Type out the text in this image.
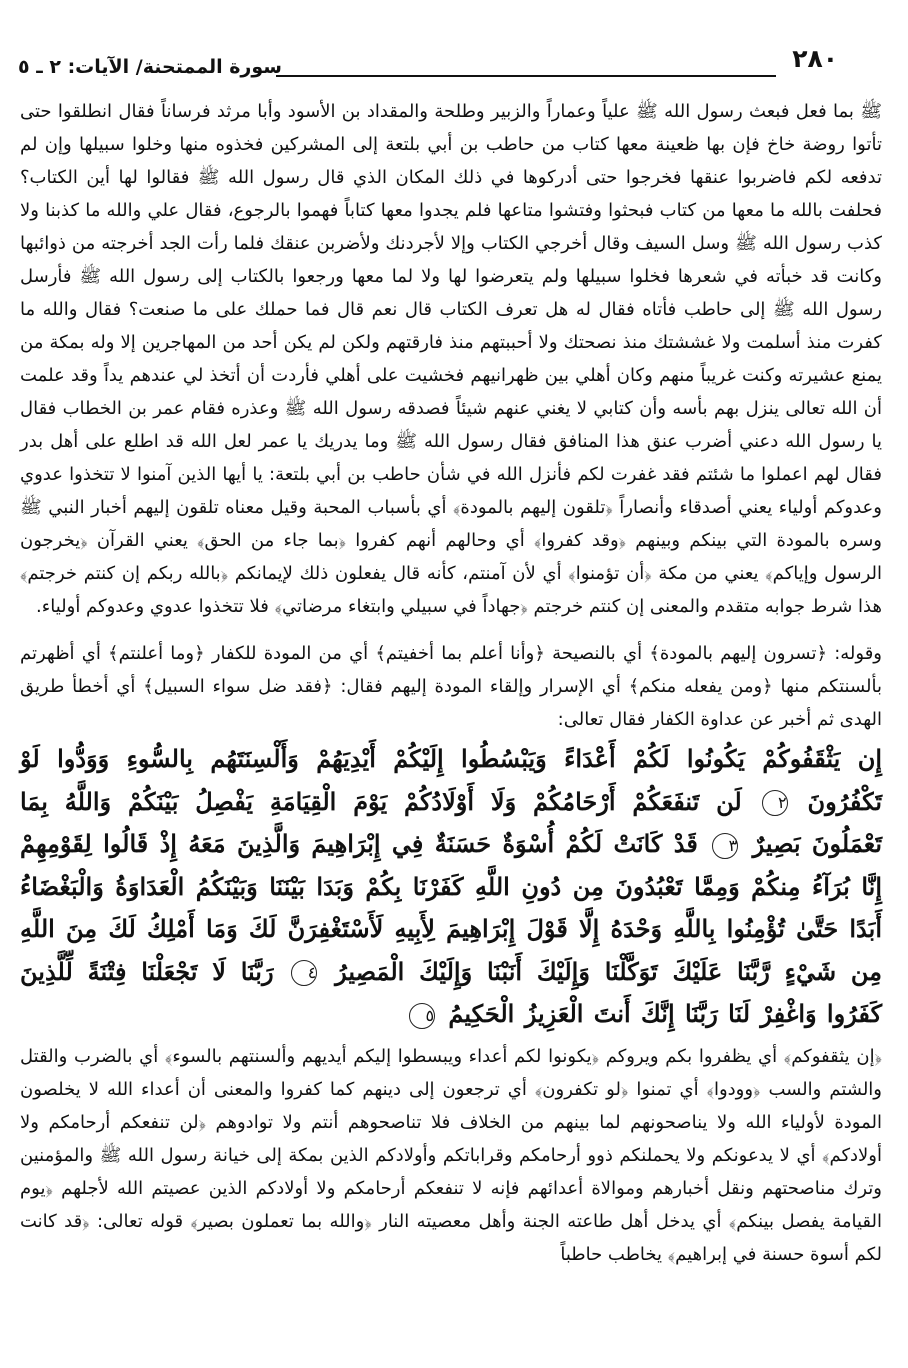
٢٨٠
سورة الممتحنة/ الآيات: ٢ ـ ٥

ﷺ بما فعل فبعث رسول الله ﷺ علياً وعماراً والزبير وطلحة والمقداد بن الأسود وأبا مرثد فرساناً فقال انطلقوا حتى تأتوا روضة خاخ فإن بها ظعينة معها كتاب من حاطب بن أبي بلتعة إلى المشركين فخذوه منها وخلوا سبيلها وإن لم تدفعه لكم فاضربوا عنقها فخرجوا حتى أدركوها في ذلك المكان الذي قال رسول الله ﷺ فقالوا لها أين الكتاب؟ فحلفت بالله ما معها من كتاب فبحثوا وفتشوا متاعها فلم يجدوا معها كتاباً فهموا بالرجوع، فقال علي والله ما كذبنا ولا كذب رسول الله ﷺ وسل السيف وقال أخرجي الكتاب وإلا لأجردنك ولأضربن عنقك فلما رأت الجد أخرجته من ذوائبها وكانت قد خبأته في شعرها فخلوا سبيلها ولم يتعرضوا لها ولا لما معها ورجعوا بالكتاب إلى رسول الله ﷺ فأرسل رسول الله ﷺ إلى حاطب فأتاه فقال له هل تعرف الكتاب قال نعم قال فما حملك على ما صنعت؟ فقال والله ما كفرت منذ أسلمت ولا غششتك منذ نصحتك ولا أحببتهم منذ فارقتهم ولكن لم يكن أحد من المهاجرين إلا وله بمكة من يمنع عشيرته وكنت غريباً منهم وكان أهلي بين ظهرانيهم فخشيت على أهلي فأردت أن أتخذ لي عندهم يداً وقد علمت أن الله تعالى ينزل بهم بأسه وأن كتابي لا يغني عنهم شيئاً فصدقه رسول الله ﷺ وعذره فقام عمر بن الخطاب فقال يا رسول الله دعني أضرب عنق هذا المنافق فقال رسول الله ﷺ وما يدريك يا عمر لعل الله قد اطلع على أهل بدر فقال لهم اعملوا ما شئتم فقد غفرت لكم فأنزل الله في شأن حاطب بن أبي بلتعة: يا أيها الذين آمنوا لا تتخذوا عدوي وعدوكم أولياء يعني أصدقاء وأنصاراً ﴿تلقون إليهم بالمودة﴾ أي بأسباب المحبة وقيل معناه تلقون إليهم أخبار النبي ﷺ وسره بالمودة التي بينكم وبينهم ﴿وقد كفروا﴾ أي وحالهم أنهم كفروا ﴿بما جاء من الحق﴾ يعني القرآن ﴿يخرجون الرسول وإياكم﴾ يعني من مكة ﴿أن تؤمنوا﴾ أي لأن آمنتم، كأنه قال يفعلون ذلك لإيمانكم ﴿بالله ربكم إن كنتم خرجتم﴾ هذا شرط جوابه متقدم والمعنى إن كنتم خرجتم ﴿جهاداً في سبيلي وابتغاء مرضاتي﴾ فلا تتخذوا عدوي وعدوكم أولياء.

وقوله: ﴿تسرون إليهم بالمودة﴾ أي بالنصيحة ﴿وأنا أعلم بما أخفيتم﴾ أي من المودة للكفار ﴿وما أعلنتم﴾ أي أظهرتم بألسنتكم منها ﴿ومن يفعله منكم﴾ أي الإسرار وإلقاء المودة إليهم فقال: ﴿فقد ضل سواء السبيل﴾ أي أخطأ طريق الهدى ثم أخبر عن عداوة الكفار فقال تعالى:

إِن يَثْقَفُوكُمْ يَكُونُوا لَكُمْ أَعْدَاءً وَيَبْسُطُوا إِلَيْكُمْ أَيْدِيَهُمْ وَأَلْسِنَتَهُم بِالسُّوءِ وَوَدُّوا لَوْ تَكْفُرُونَ ٢ لَن تَنفَعَكُمْ أَرْحَامُكُمْ وَلَا أَوْلَادُكُمْ يَوْمَ الْقِيَامَةِ يَفْصِلُ بَيْنَكُمْ وَاللَّهُ بِمَا تَعْمَلُونَ بَصِيرٌ ٣ قَدْ كَانَتْ لَكُمْ أُسْوَةٌ حَسَنَةٌ فِي إِبْرَاهِيمَ وَالَّذِينَ مَعَهُ إِذْ قَالُوا لِقَوْمِهِمْ إِنَّا بُرَآءُ مِنكُمْ وَمِمَّا تَعْبُدُونَ مِن دُونِ اللَّهِ كَفَرْنَا بِكُمْ وَبَدَا بَيْنَنَا وَبَيْنَكُمُ الْعَدَاوَةُ وَالْبَغْضَاءُ أَبَدًا حَتَّىٰ تُؤْمِنُوا بِاللَّهِ وَحْدَهُ إِلَّا قَوْلَ إِبْرَاهِيمَ لِأَبِيهِ لَأَسْتَغْفِرَنَّ لَكَ وَمَا أَمْلِكُ لَكَ مِنَ اللَّهِ مِن شَيْءٍ رَّبَّنَا عَلَيْكَ تَوَكَّلْنَا وَإِلَيْكَ أَنَبْنَا وَإِلَيْكَ الْمَصِيرُ ٤ رَبَّنَا لَا تَجْعَلْنَا فِتْنَةً لِّلَّذِينَ كَفَرُوا وَاغْفِرْ لَنَا رَبَّنَا إِنَّكَ أَنتَ الْعَزِيزُ الْحَكِيمُ ٥

﴿إن يثقفوكم﴾ أي يظفروا بكم ويروكم ﴿يكونوا لكم أعداء ويبسطوا إليكم أيديهم وألسنتهم بالسوء﴾ أي بالضرب والقتل والشتم والسب ﴿وودوا﴾ أي تمنوا ﴿لو تكفرون﴾ أي ترجعون إلى دينهم كما كفروا والمعنى أن أعداء الله لا يخلصون المودة لأولياء الله ولا يناصحونهم لما بينهم من الخلاف فلا تناصحوهم أنتم ولا توادوهم ﴿لن تنفعكم أرحامكم ولا أولادكم﴾ أي لا يدعونكم ولا يحملنكم ذوو أرحامكم وقراباتكم وأولادكم الذين بمكة إلى خيانة رسول الله ﷺ والمؤمنين وترك مناصحتهم ونقل أخبارهم وموالاة أعدائهم فإنه لا تنفعكم أرحامكم ولا أولادكم الذين عصيتم الله لأجلهم ﴿يوم القيامة يفصل بينكم﴾ أي يدخل أهل طاعته الجنة وأهل معصيته النار ﴿والله بما تعملون بصير﴾ قوله تعالى: ﴿قد كانت لكم أسوة حسنة في إبراهيم﴾ يخاطب حاطباً
